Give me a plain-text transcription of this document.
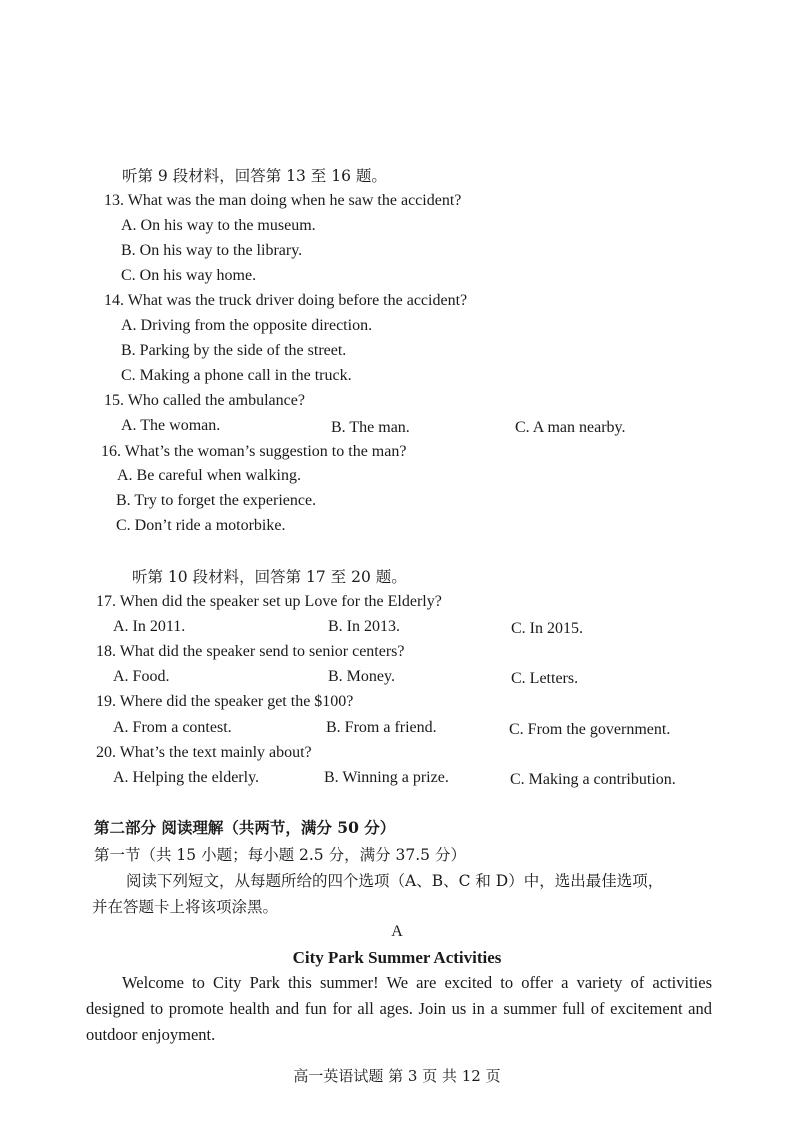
听第 9 段材料，回答第 13 至 16 题。
13. What was the man doing when he saw the accident?
A. On his way to the museum.
B. On his way to the library.
C. On his way home.
14. What was the truck driver doing before the accident?
A. Driving from the opposite direction.
B. Parking by the side of the street.
C. Making a phone call in the truck.
15. Who called the ambulance?
A. The woman.	B. The man.	C. A man nearby.
16. What’s the woman’s suggestion to the man?
A. Be careful when walking.
B. Try to forget the experience.
C. Don’t ride a motorbike.
听第 10 段材料，回答第 17 至 20 题。
17. When did the speaker set up Love for the Elderly?
A. In 2011.	B. In 2013.	C. In 2015.
18. What did the speaker send to senior centers?
A. Food.	B. Money.	C. Letters.
19. Where did the speaker get the $100?
A. From a contest.	B. From a friend.	C. From the government.
20. What’s the text mainly about?
A. Helping the elderly.	B. Winning a prize.	C. Making a contribution.
第二部分 阅读理解（共两节，满分 50 分）
第一节（共 15 小题；每小题 2.5 分，满分 37.5 分）
阅读下列短文，从每题所给的四个选项（A、B、C 和 D）中，选出最佳选项，
并在答题卡上将该项涂黑。
A
City Park Summer Activities
Welcome to City Park this summer! We are excited to offer a variety of activities designed to promote health and fun for all ages. Join us in a summer full of excitement and outdoor enjoyment.
高一英语试题 第 3 页 共 12 页
